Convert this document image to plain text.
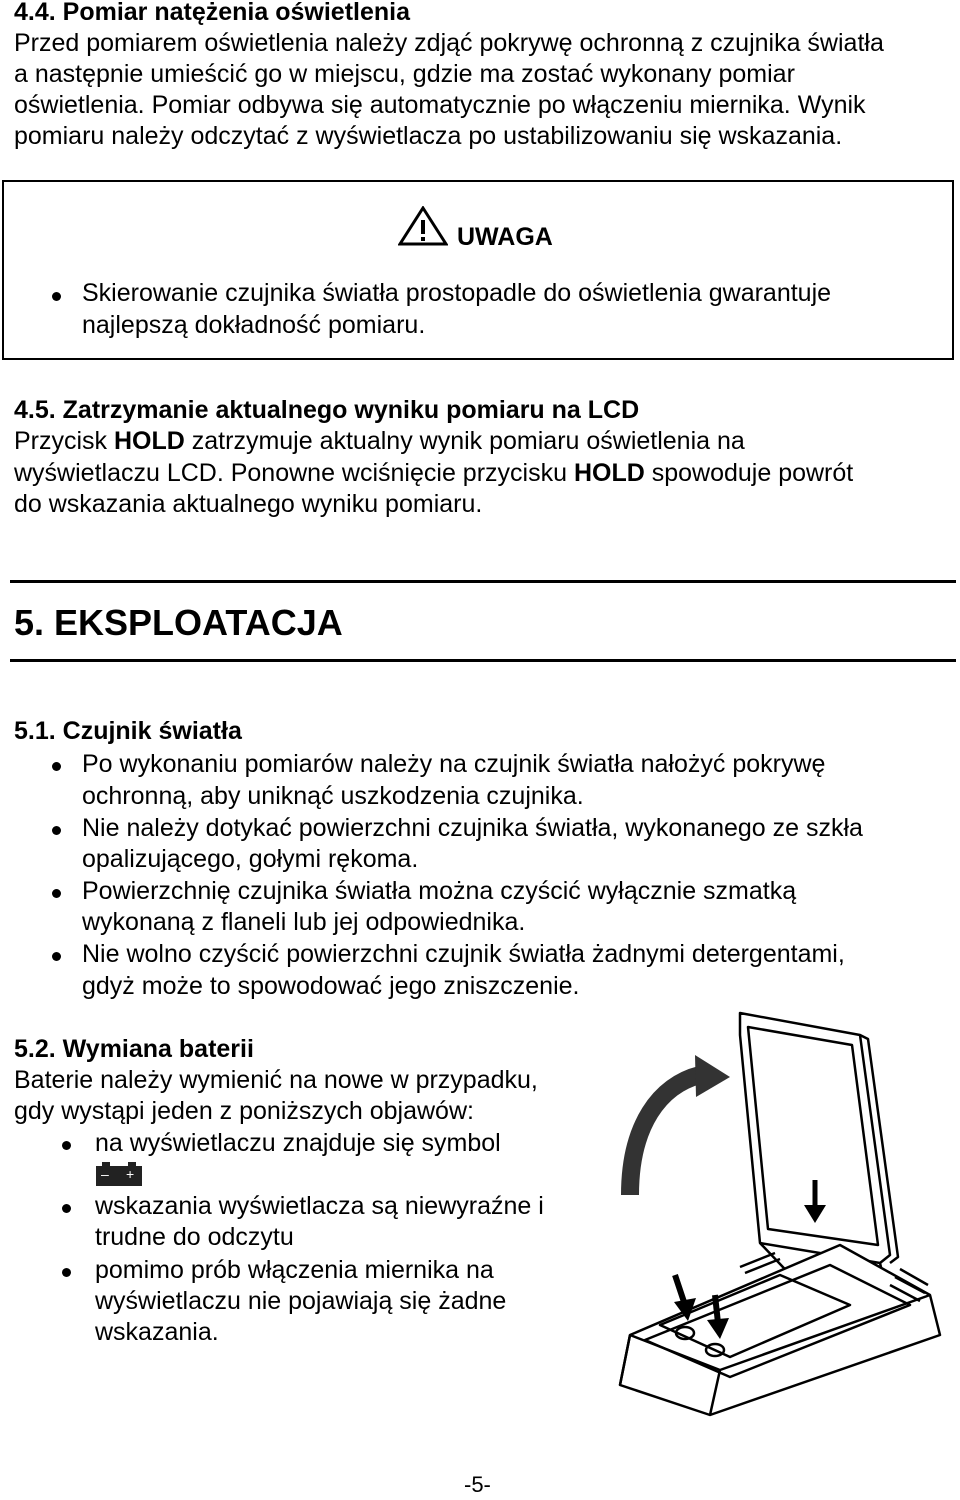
4.4. Pomiar natężenia oświetlenia
Przed pomiarem oświetlenia należy zdjąć pokrywę ochronną z czujnika światła
a następnie umieścić go w miejscu, gdzie ma zostać wykonany pomiar
oświetlenia. Pomiar odbywa się automatycznie po włączeniu miernika. Wynik
pomiaru należy odczytać z wyświetlacza po ustabilizowaniu się wskazania.
UWAGA
Skierowanie czujnika światła prostopadle do oświetlenia gwarantuje
najlepszą dokładność pomiaru.
4.5. Zatrzymanie aktualnego wyniku pomiaru na LCD
Przycisk HOLD zatrzymuje aktualny wynik pomiaru oświetlenia na
wyświetlaczu LCD. Ponowne wciśnięcie przycisku HOLD spowoduje powrót
do wskazania aktualnego wyniku pomiaru.
5. EKSPLOATACJA
5.1. Czujnik światła
Po wykonaniu pomiarów należy na czujnik światła nałożyć pokrywę
ochronną, aby uniknąć uszkodzenia czujnika.
Nie należy dotykać powierzchni czujnika światła, wykonanego ze szkła
opalizującego, gołymi rękoma.
Powierzchnię czujnika światła można czyścić wyłącznie szmatką
wykonaną z flaneli lub jej odpowiednika.
Nie wolno czyścić powierzchni czujnik światła żadnymi detergentami,
gdyż może to spowodować jego zniszczenie.
5.2. Wymiana baterii
Baterie należy wymienić na nowe w przypadku,
gdy wystąpi jeden z poniższych objawów:
na wyświetlaczu znajduje się symbol
– +
wskazania wyświetlacza są niewyraźne i
trudne do odczytu
pomimo prób włączenia miernika na
wyświetlaczu nie pojawiają się żadne
wskazania.
-5-
